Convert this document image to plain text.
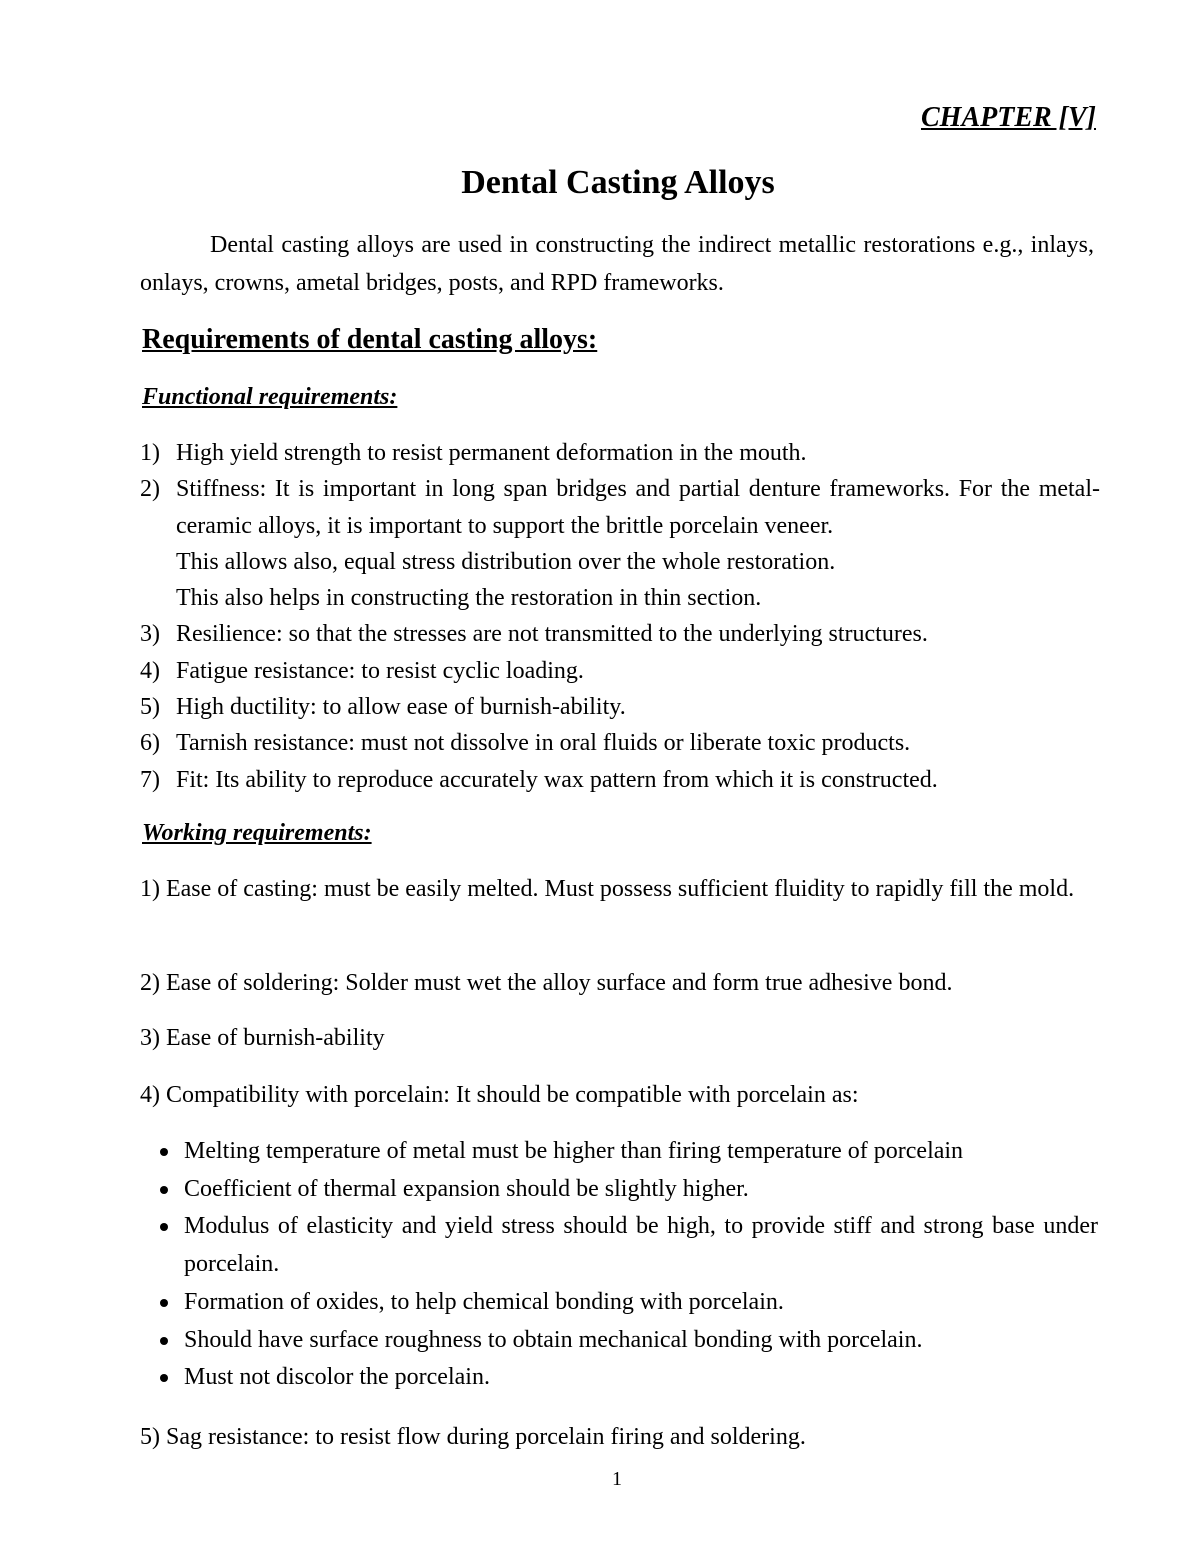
CHAPTER [V]
Dental Casting Alloys

Dental casting alloys are used in constructing the indirect metallic restorations e.g., inlays, onlays, crowns, ametal bridges, posts, and RPD frameworks.

Requirements of dental casting alloys:
Functional requirements:
1) High yield strength to resist permanent deformation in the mouth.
2) Stiffness: It is important in long span bridges and partial denture frameworks. For the metal-ceramic alloys, it is important to support the brittle porcelain veneer.
This allows also, equal stress distribution over the whole restoration.
This also helps in constructing the restoration in thin section.
3) Resilience: so that the stresses are not transmitted to the underlying structures.
4) Fatigue resistance: to resist cyclic loading.
5) High ductility: to allow ease of burnish-ability.
6) Tarnish resistance: must not dissolve in oral fluids or liberate toxic products.
7) Fit: Its ability to reproduce accurately wax pattern from which it is constructed.
Working requirements:

1) Ease of casting: must be easily melted. Must possess sufficient fluidity to rapidly fill the mold.

2) Ease of soldering: Solder must wet the alloy surface and form true adhesive bond.

3) Ease of burnish-ability

4) Compatibility with porcelain: It should be compatible with porcelain as:

Melting temperature of metal must be higher than firing temperature of porcelain
Coefficient of thermal expansion should be slightly higher.
Modulus of elasticity and yield stress should be high, to provide stiff and strong base under porcelain.
Formation of oxides, to help chemical bonding with porcelain.
Should have surface roughness to obtain mechanical bonding with porcelain.
Must not discolor the porcelain.

5) Sag resistance: to resist flow during porcelain firing and soldering.

1
